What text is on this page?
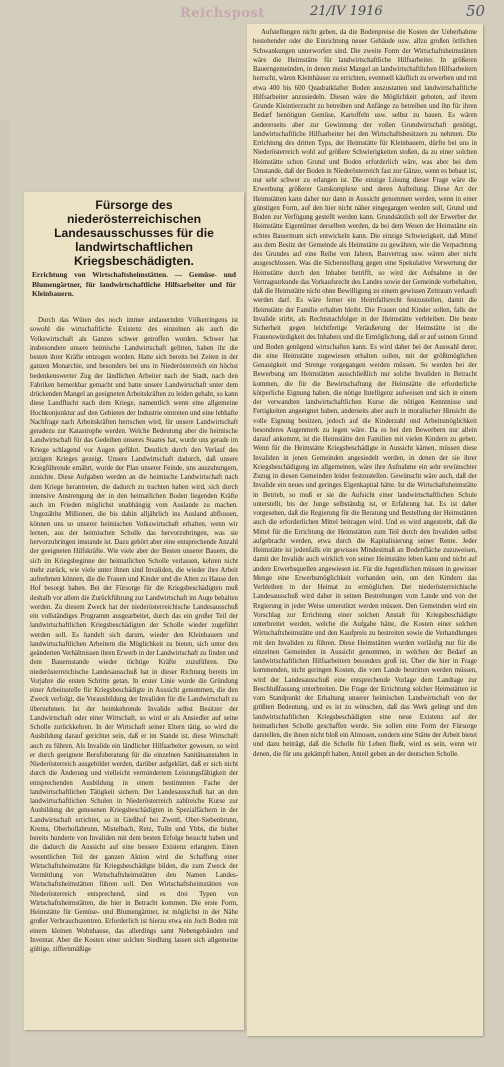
Reichspost	21/IV 1916	50
Fürsorge des niederösterreichischen Landesausschusses für die landwirtschaftlichen Kriegsbeschädigten.
Errichtung von Wirtschaftsheimstätten. — Gemüse- und Blumengärtner, für landwirtschaftliche Hilfsarbeiter und für Kleinbauern.

Durch das Wüten des noch immer andauernden Völkerringens ist sowohl die wirtschaftliche Existenz des einzelnen als auch die Volkswirtschaft als Ganzes schwer getroffen worden. Schwer hat insbesondere unsere heimische Landwirtschaft gelitten, haben ihr die besten ihrer Kräfte entzogen worden. Hatte sich bereits bei Zeiten in der ganzen Monarchie, und besonders bei uns in Niederösterreich ein höchst bedenkenswerter Zug der ländlichen Arbeiter nach der Stadt, nach den Fabriken bemerkbar gemacht und hatte unsere Landwirtschaft unter dem drückenden Mangel an geeigneten Arbeitskräften zu leiden gehabt, so kann diese Landflucht nach dem Kriege, namentlich wenn eine allgemeine Hochkonjunktur auf den Gebieten der Industrie eintreten und eine lebhafte Nachfrage nach Arbeitskräften herrschen wird, für unsere Landwirtschaft geradezu zur Katastrophe werden. Welche Bedeutung aber die heimische Landwirtschaft für das Gedeihen unseres Staates hat, wurde uns gerade im Kriege schlagend vor Augen geführt. Deutlich durch den Verlauf des jetzigen Krieges gezeigt. Unsere Landwirtschaft dadurch, daß unsere Kriegführende ernährt, wurde der Plan unserer Feinde, uns auszuhungern, zunichte. Diese Aufgaben werden an die heimische Landwirtschaft nach dem Kriege herantreten, die dadurch zu trachten haben wird, sich durch intensive Anstrengung der in den heimatlichen Boden liegenden Kräfte auch im Frieden möglichst unabhängig vom Auslande zu machen. Ungezählte Millionen, die bis dahin alljährlich ins Ausland abflossen, können uns so unserer heimischen Volkswirtschaft erhalten, wenn wir lernen, aus der heimischen Scholle das hervorzubringen, was sie hervorzubringen imstande ist. Dazu gehört aber eine entsprechende Anzahl der geeigneten Hilfskräfte. Wie viele aber der Besten unserer Bauern, die sich im Kriegsbeginne der heimatlichen Scholle verlassen, kehren nicht mehr zurück, wie viele unter ihnen sind Invaliden, die wieder ihre Arbeit aufnehmen können, die die Frauen und Kinder und die Alten zu Hause den Hof besorgt haben. Bei der Fürsorge für die Kriegsbeschädigten muß deshalb vor allem die Zurückführung zur Landwirtschaft im Auge behalten werden. Zu diesem Zweck hat der niederösterreichische Landesausschuß ein vollständiges Programm ausgearbeitet, durch das ein großer Teil der landwirtschaftlichen Kriegsbeschädigten der Scholle wieder zugeführt werden soll. Es handelt sich darum, wieder den Kleinbauern und landwirtschaftlichen Arbeitern die Möglichkeit zu bieten, sich unter den geänderten Verhältnissen ihren Erwerb in der Landwirtschaft zu finden und dem Bauernstande wieder tüchtige Kräfte zuzuführen. Die niederösterreichische Landesausschuß hat in dieser Richtung bereits im Vorjahre die ersten Schritte getan. In erster Linie wurde die Gründung einer Arbeitsstelle für Kriegsbeschädigte in Aussicht genommen, die den Zweck verfolgt, die Vorausbildung der Invaliden für die Landwirtschaft zu übernehmen. Ist der heimkehrende Invalide selbst Besitzer der Landwirtschaft oder einer Wirtschaft, so wird er als Ansiedler auf seine Scholle zurückkehren. In der Wirtschaft seiner Eltern tätig, so wird die Ausbildung darauf gerichtet sein, daß er im Stande ist, diese Wirtschaft auch zu führen. Als Invalide ein ländlicher Hilfsarbeiter gewesen, so wird er durch geeignete Berufsberatung für die einzelnen Sanitätsanstalten in Niederösterreich ausgebildet werden, darüber aufgeklärt, daß er sich nicht durch die Änderung und vielleicht vermindertem Leistungsfähigkeit der entsprechenden Ausbildung in einem bestimmten Fache der landwirtschaftlichen Tätigkeit sichern. Der Landesausschuß hat an den landwirtschaftlichen Schulen in Niederösterreich zahlreiche Kurse zur Ausbildung der genesenen Kriegsbeschädigten in Spezialfächern in der Landwirtschaft errichtet, so in Gießhof bei Zwettl, Ober-Siebenbrunn, Krems, Oberhollabrunn, Mistelbach, Retz, Tulln und Ybbs, die bisher bereits hunderte von Invaliden mit dem besten Erfolge besucht haben und die dadurch die Aussicht auf eine bessere Existenz erlangten. Einen wesentlichen Teil der ganzen Aktion wird die Schaffung einer Wirtschaftsheimstätte für Kriegsbeschädigte bilden, die zum Zweck der Vermittlung von Wirtschaftsheimstätten den Namen Landes-Wirtschaftsheimstätten führen soll. Den Wirtschaftsheimstätten von Niederösterreich entsprechend, sind es drei Typen von Wirtschaftsheimstätten, die hier in Betracht kommen. Die erste Form, Heimstätte für Gemüse- und Blumengärtner, ist möglichst in der Nähe großer Verbrauchszentren. Erforderlich ist hierzu etwa ein Joch Boden mit einem kleinen Wohnhause, das allerdings samt Nebengebäuden und Inventar. Aber die Kosten einer solchen Siedlung lassen sich allgemeine gültige, ziffernmäßige

Aufstellungen nicht geben, da die Bodenpreise die Kosten der Ueberhahme bestehender oder die Einrichtung neuer Gebäude usw. allzu großen örtlichen Schwankungen unterworfen sind. Die zweite Form der Wirtschaftsheimstätten wäre die Heimstätte für landwirtschaftliche Hilfsarbeiter. In größeren Bauerngemeinden, in denen meist Mangel an landwirtschaftlichen Hilfsarbeitern herrscht, wären Kleinhäuser zu errichten, eventuell käuflich zu erwerben und mit etwa 400 bis 600 Quadratklafter Boden auszustatten und landwirtschaftliche Hilfsarbeiter anzusiedeln. Diesen wäre die Möglichkeit geboten, auf ihrem Grunde Kleintierzucht zu betreiben und Anfänge zu betreiben und ihn für ihren Bedarf benötigten Gemüse, Kartoffeln usw. selbst zu bauen. Es wären andererseits aber zur Gewinnung der vollen Grundwirtschaft genötigt, landwirtschaftliche Hilfsarbeiter bei den Wirtschaftsbesitzern zu nehmen. Die Errichtung des dritten Typs, der Heimstätte für Kleinbauern, dürfte bei uns in Niederösterreich wohl auf größere Schwierigkeiten stoßen, da zu einer solchen Heimstätte schon Grund und Boden erforderlich wäre, was aber bei dem Umstande, daß der Boden in Niederösterreich fast zur Gänze, wenn es bebaut ist, nur sehr schwer zu erlangen ist. Die einzige Lösung dieser Frage wäre die Erwerbung größerer Gutskomplexe und deren Aufteilung. Diese Art der Heimstätten kann daher nur dann in Aussicht genommen werden, wenn in einer günstigen Form, auf den hier nicht näher eingegangen werden soll, Grund und Boden zur Verfügung gestellt werden kann. Grundsätzlich soll der Erwerber der Heimstätte Eigentümer derselben werden, da bei dem Wesen der Heimstätte ein echtes Bauerntum sich entwickeln kann. Die einzige Schwierigkeit, daß Mittel aus dem Besitz der Gemeinde als Heimstätte zu gewähren, wie die Verpachtung des Grundes auf eine Reihe von Jahren, Bauvertrag usw. wären aber nicht ausgeschlossen. Was die Sicherstellung gegen eine Spekulative Verwertung der Heimstätte durch den Inhaber betrifft, so wird der Aufnahme in der Vertragsurkunde das Vorkaufsrecht des Landes sowie der Gemeinde vorbehalten, daß die Heimstätte nicht ohne Bewilligung zu einem gewissen Zeitraum verkauft werden darf. Es wäre ferner ein Heimfallsrecht festzustellen, damit die Heimstätte der Familie erhalten bleibt. Die Frauen und Kinder sollen, falls der Invalide stirbt, als Rechtsnachfolger in der Heimstätte verbleiben. Die beste Sicherheit gegen leichtfertige Veräußerung der Heimstätte ist die Frauenswürdigkeit des Inhabers und die Ermöglichung, daß er auf seinem Grund und Boden genügend wirtschaften kann. Es wird daher bei der Auswahl derer, die eine Heimstätte zugewiesen erhalten sollen, mit der größtmöglichen Genauigkeit und Strenge vorgegangen werden müssen. So werden bei der Bewerbung um Heimstätten ausschließlich nur solche Invaliden in Betracht kommen, die für die Bewirtschaftung der Heimstätte die erforderliche körperliche Eignung haben, die nötige Intelligenz aufweisen und sich in einem der verwandten landwirtschaftlichen Kurse die nötigen Kenntnisse und Fertigkeiten angeeignet haben, anderseits aber auch in moralischer Hinsicht die volle Eignung besitzen, jedoch auf die Kinderzahl und Arbeitsmöglichkeit besonderes Augenmerk zu legen wäre. Da es bei den Bewerbern nur allein darauf ankommt, ist die Heimstätte den Familien mit vielen Kindern zu geben. Wenn für die Heimstätte Kriegsbeschädigte in Aussicht kämen, müssen diese Invaliden in jenen Gemeinden angesiedelt werden, in denen der sie ihrer Kriegsbeschädigung im allgemeinen, wäre ihre Aufnahme ein sehr erwünschter Zuzug in diesen Gemeinden leider festzustellen. Gewünscht wäre auch, daß der Invalide ein neues und geringes Eigenkapital hätte. Ist die Wirtschaftsheimstätte in Betrieb, so muß er sie die Aufsicht einer landwirtschaftlichen Schule unterstellt, bis der Junge selbständig ist, er Erfahrung hat. Es ist daher vorgesehen, daß die Regierung für die Beratung und Bestellung der Heimstätten auch die erforderlichen Mittel beitragen wird. Und es wird angestrebt, daß die Mittel für die Errichtung der Heimstätten zum Teil durch den Invaliden selbst aufgebracht werden, etwa durch die Kapitalisierung seiner Rente. Jeder Heimstätte ist jedenfalls ein gewisses Mindestmaß an Bodenfläche zuzuweisen, damit der Invalide auch wirklich von seiner Heimstätte leben kann und nicht auf andere Erwerbsquellen angewiesen ist. Für die Jugendlichen müssen in gewisser Menge eine Erwerbsmöglichkeit vorhanden sein, um den Kindern das Verbleiben in der Heimat zu ermöglichen. Der niederösterreichische Landesausschuß wird daher in seinen Bestrebungen vom Lande und von der Regierung in jeder Weise unterstützt werden müssen. Den Gemeinden wird ein Vorschlag zur Errichtung einer solchen Anstalt für Kriegsbeschädigte unterbreitet werden, welche die Aufgabe hätte, die Kosten einer solchen Wirtschaftsheimstätte und den Kaufpreis zu bestreiten sowie die Verhandlungen mit den Invaliden zu führen. Diese Heimstätten wurden vorläufig nur für die einzelnen Gemeinden in Aussicht genommen, in welchen der Bedarf an landwirtschaftlichen Hilfsarbeitern besonders groß ist. Über die hier in Frage kommenden, nicht geringen Kosten, die vom Lande bestritten werden müssen, wird der Landesausschuß eine entsprechende Vorlage dem Landtage zur Beschlußfassung unterbreiten. Die Frage der Errichtung solcher Heimstätten ist vom Standpunkt der Erhaltung unserer heimischen Landwirtschaft von der größten Bedeutung, und es ist zu wünschen, daß das Werk gelingt und den landwirtschaftlichen Kriegsbeschädigten eine neue Existenz auf der heimatlichen Scholle geschaffen werde. Sie sollen eine Form der Fürsorge darstellen, die ihnen nicht bloß ein Almosen, sondern eine Stätte der Arbeit bietet und dazu beiträgt, daß die Scholle für Leben fließt, wird es sein, wenn wir denen, die für uns gekämpft haben, Anteil geben an der deutschen Scholle.
